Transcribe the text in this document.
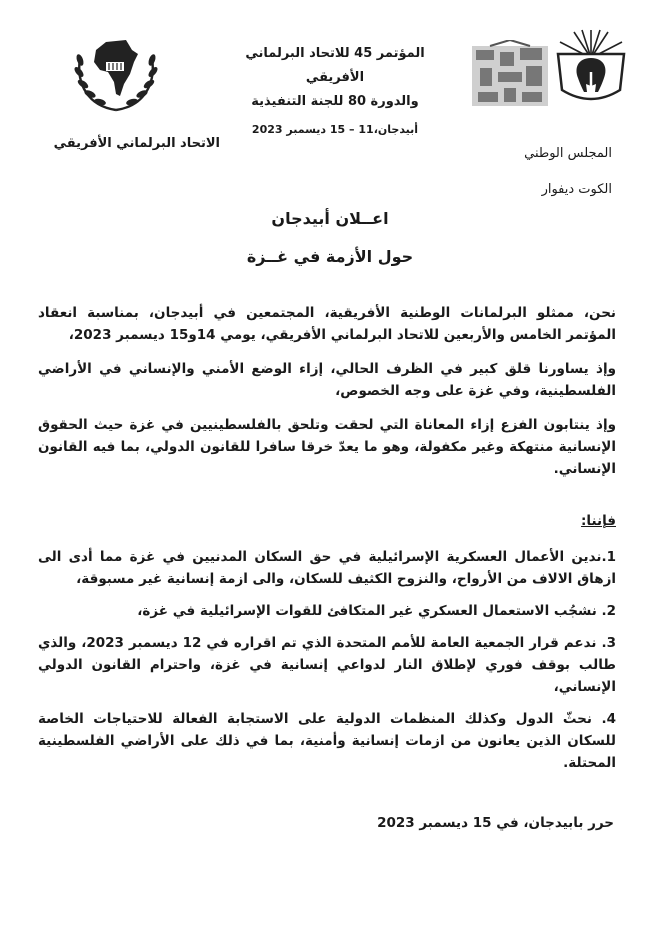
المؤتمر 45 للاتحاد البرلماني الأفريقي
والدورة 80 للجنة التنفيذية
أبيدجان،11 – 15 ديسمبر 2023
الاتحاد البرلماني الأفريقي
المجلس الوطني
الكوت ديفوار
اعــلان أبيدجان
حول الأزمة في غــزة

نحن، ممثلو البرلمانات الوطنية الأفريقية، المجتمعين في أبيدجان، بمناسبة انعقاد المؤتمر الخامس والأربعين للاتحاد البرلماني الأفريقي، يومي 14و15 ديسمبر 2023،

وإذ يساورنا قلق كبير في الظرف الحالي، إزاء الوضع الأمني والإنساني في الأراضي الفلسطينية، وفي غزة على وجه الخصوص،

وإذ ينتابون الفزع إزاء المعاناة التي لحقت وتلحق بالفلسطينيين في غزة حيث الحقوق الإنسانية منتهكة وغير مكفولة، وهو ما يعدّ خرقا سافرا للقانون الدولي، بما فيه القانون الإنساني.

فإننا:

1.ندين الأعمال العسكرية الإسرائيلية في حق السكان المدنيين في غزة مما أدى الى ازهاق الالاف من الأرواح، والنزوح الكثيف للسكان، والى ازمة إنسانية غير مسبوقة،

2. نشجُب الاستعمال العسكري غير المتكافئ للقوات الإسرائيلية في غزة،

3. ندعم قرار الجمعية العامة للأمم المتحدة الذي تم اقراره في 12 ديسمبر 2023، والذي طالب بوقف فوري لإطلاق النار لدواعي إنسانية في غزة، واحترام القانون الدولي الإنساني،

4. نحثّ الدول وكذلك المنظمات الدولية على الاستجابة الفعالة للاحتياجات الخاصة للسكان الذين يعانون من ازمات إنسانية وأمنية، بما في ذلك على الأراضي الفلسطينية المحتلة.

حرر بابيدجان، في 15 ديسمبر 2023
